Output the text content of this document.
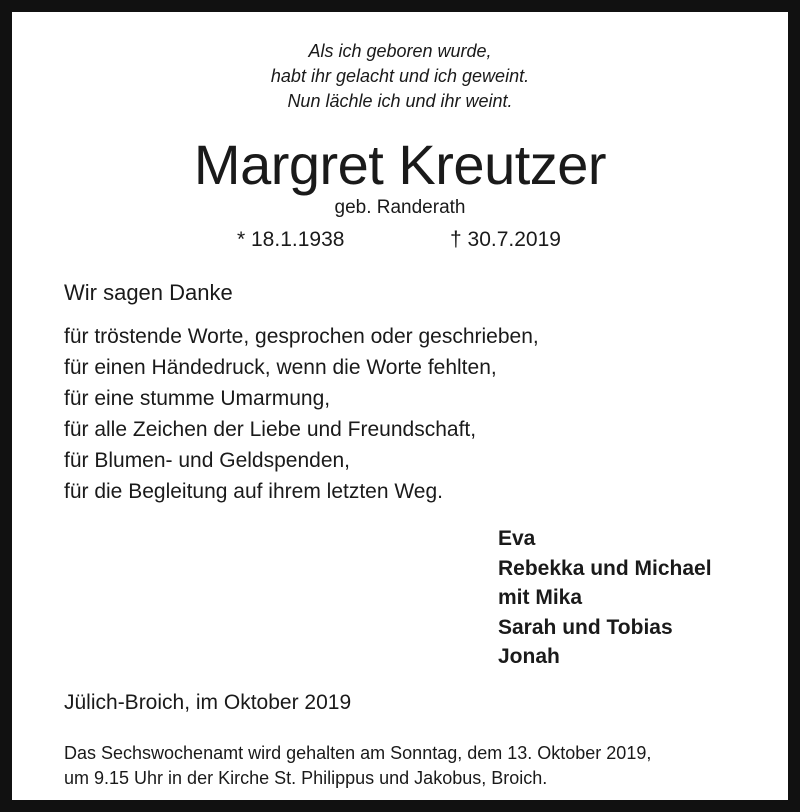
Als ich geboren wurde,
habt ihr gelacht und ich geweint.
Nun lächle ich und ihr weint.
Margret Kreutzer
geb. Randerath
* 18.1.1938	† 30.7.2019
Wir sagen Danke
für tröstende Worte, gesprochen oder geschrieben,
für einen Händedruck, wenn die Worte fehlten,
für eine stumme Umarmung,
für alle Zeichen der Liebe und Freundschaft,
für Blumen- und Geldspenden,
für die Begleitung auf ihrem letzten Weg.
Eva
Rebekka und Michael
mit Mika
Sarah und Tobias
Jonah
Jülich-Broich, im Oktober 2019
Das Sechswochenamt wird gehalten am Sonntag, dem 13. Oktober 2019,
um 9.15 Uhr in der Kirche St. Philippus und Jakobus, Broich.
